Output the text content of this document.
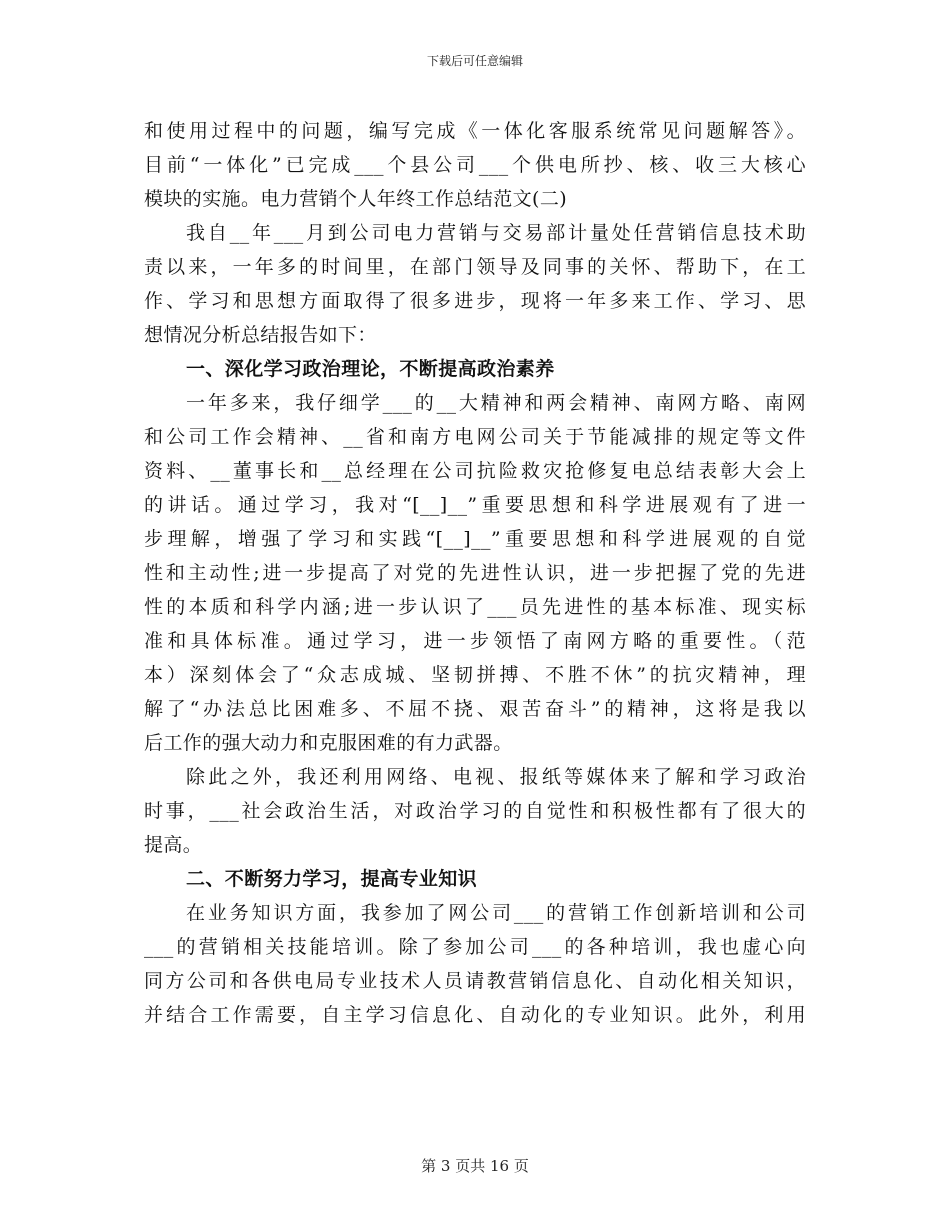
下载后可任意编辑
和使用过程中的问题，编写完成《一体化客服系统常见问题解答》。
目前“一体化”已完成___个县公司___个供电所抄、核、收三大核心
模块的实施。电力营销个人年终工作总结范文(二)
我自__年___月到公司电力营销与交易部计量处任营销信息技术助
责以来，一年多的时间里，在部门领导及同事的关怀、帮助下，在工
作、学习和思想方面取得了很多进步，现将一年多来工作、学习、思
想情况分析总结报告如下：
一、深化学习政治理论，不断提高政治素养
一年多来，我仔细学___的__大精神和两会精神、南网方略、南网
和公司工作会精神、__省和南方电网公司关于节能减排的规定等文件
资料、__董事长和__总经理在公司抗险救灾抢修复电总结表彰大会上
的讲话。通过学习，我对“[__]__”重要思想和科学进展观有了进一
步理解，增强了学习和实践“[__]__”重要思想和科学进展观的自觉
性和主动性;进一步提高了对党的先进性认识，进一步把握了党的先进
性的本质和科学内涵;进一步认识了___员先进性的基本标准、现实标
准和具体标准。通过学习，进一步领悟了南网方略的重要性。（范
本）深刻体会了“众志成城、坚韧拼搏、不胜不休”的抗灾精神，理
解了“办法总比困难多、不屈不挠、艰苦奋斗”的精神，这将是我以
后工作的强大动力和克服困难的有力武器。
除此之外，我还利用网络、电视、报纸等媒体来了解和学习政治
时事，___社会政治生活，对政治学习的自觉性和积极性都有了很大的
提高。
二、不断努力学习，提高专业知识
在业务知识方面，我参加了网公司___的营销工作创新培训和公司
___的营销相关技能培训。除了参加公司___的各种培训，我也虚心向
同方公司和各供电局专业技术人员请教营销信息化、自动化相关知识，
并结合工作需要，自主学习信息化、自动化的专业知识。此外，利用
第 3 页共 16 页
